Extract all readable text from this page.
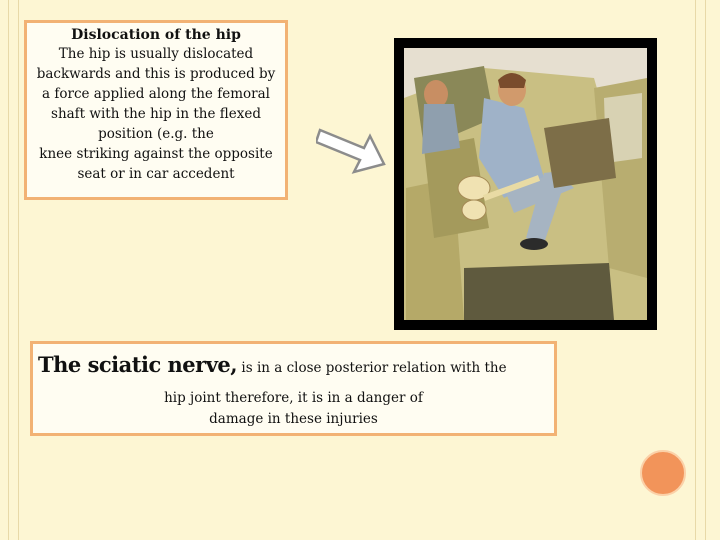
Dislocation of the hip
The hip is usually dislocated
backwards and this is produced by
a force applied along the femoral
shaft with the hip in the flexed
position (e.g. the
knee striking against the opposite
seat or in car accedent
The sciatic nerve, is in a close posterior relation with the
hip joint therefore, it is in a danger of
damage in these injuries
